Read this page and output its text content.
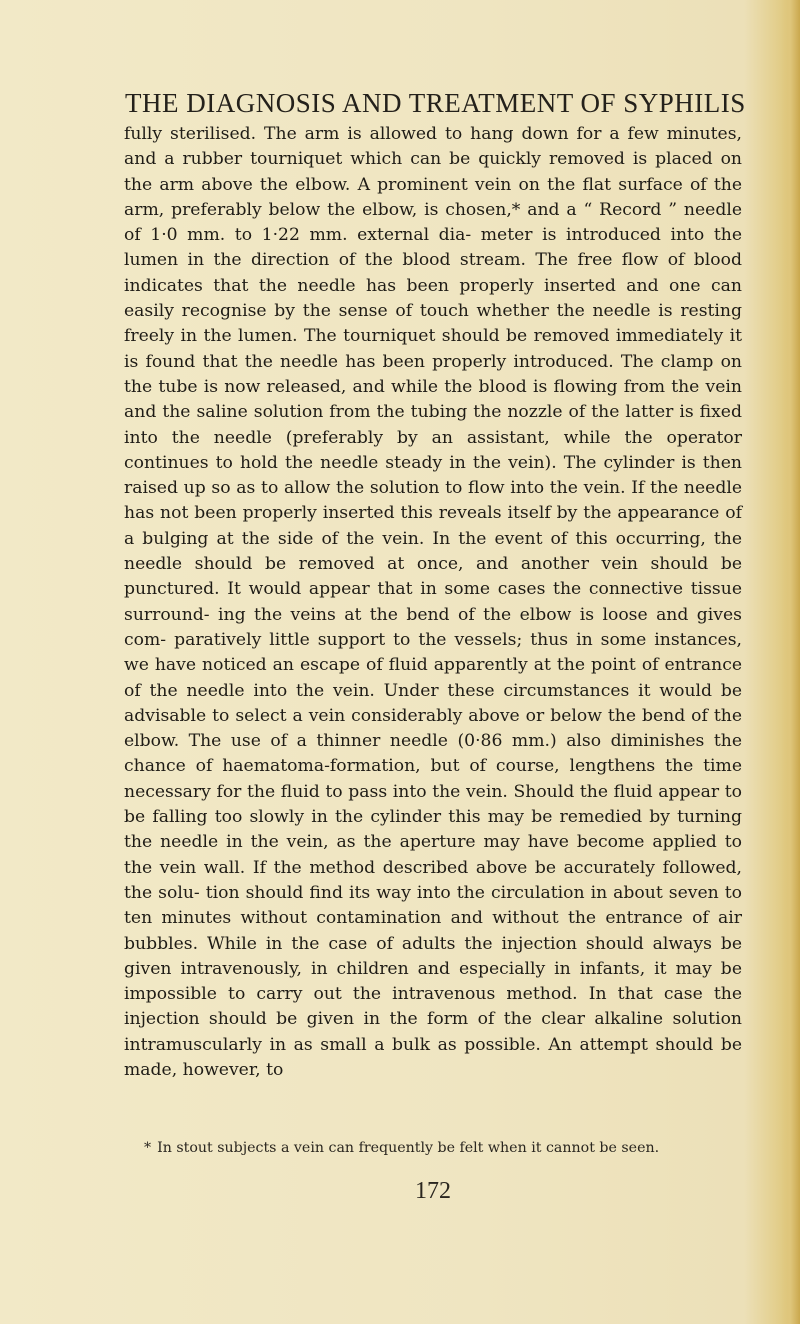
THE DIAGNOSIS AND TREATMENT OF SYPHILIS

fully sterilised. The arm is allowed to hang down for a few minutes, and a rubber tourniquet which can be quickly removed is placed on the arm above the elbow. A prominent vein on the flat surface of the arm, preferably below the elbow, is chosen,* and a “ Record ” needle of 1·0 mm. to 1·22 mm. external dia- meter is introduced into the lumen in the direction of the blood stream. The free flow of blood indicates that the needle has been properly inserted and one can easily recognise by the sense of touch whether the needle is resting freely in the lumen. The tourniquet should be removed immediately it is found that the needle has been properly introduced. The clamp on the tube is now released, and while the blood is flowing from the vein and the saline solution from the tubing the nozzle of the latter is fixed into the needle (preferably by an assistant, while the operator continues to hold the needle steady in the vein). The cylinder is then raised up so as to allow the solution to flow into the vein. If the needle has not been properly inserted this reveals itself by the appearance of a bulging at the side of the vein. In the event of this occurring, the needle should be removed at once, and another vein should be punctured. It would appear that in some cases the connective tissue surround- ing the veins at the bend of the elbow is loose and gives com- paratively little support to the vessels; thus in some instances, we have noticed an escape of fluid apparently at the point of entrance of the needle into the vein. Under these circumstances it would be advisable to select a vein considerably above or below the bend of the elbow. The use of a thinner needle (0·86 mm.) also diminishes the chance of haematoma-formation, but of course, lengthens the time necessary for the fluid to pass into the vein. Should the fluid appear to be falling too slowly in the cylinder this may be remedied by turning the needle in the vein, as the aperture may have become applied to the vein wall. If the method described above be accurately followed, the solu- tion should find its way into the circulation in about seven to ten minutes without contamination and without the entrance of air bubbles. While in the case of adults the injection should always be given intravenously, in children and especially in infants, it may be impossible to carry out the intravenous method. In that case the injection should be given in the form of the clear alkaline solution intramuscularly in as small a bulk as possible. An attempt should be made, however, to

* In stout subjects a vein can frequently be felt when it cannot be seen.

172
